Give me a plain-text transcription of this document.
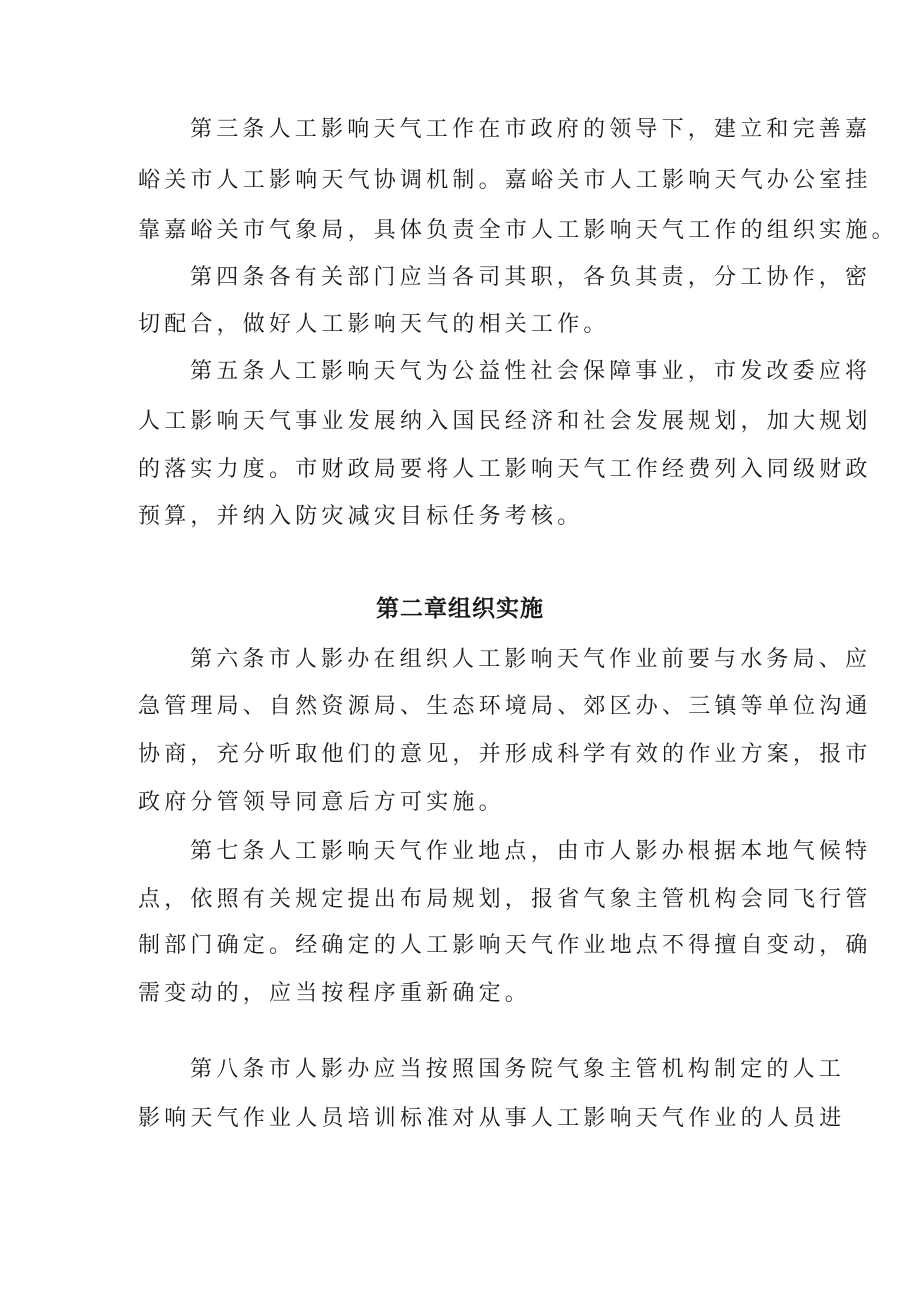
第三条人工影响天气工作在市政府的领导下，建立和完善嘉
峪关市人工影响天气协调机制。嘉峪关市人工影响天气办公室挂
靠嘉峪关市气象局，具体负责全市人工影响天气工作的组织实施。
第四条各有关部门应当各司其职，各负其责，分工协作，密
切配合，做好人工影响天气的相关工作。
第五条人工影响天气为公益性社会保障事业，市发改委应将
人工影响天气事业发展纳入国民经济和社会发展规划，加大规划
的落实力度。市财政局要将人工影响天气工作经费列入同级财政
预算，并纳入防灾减灾目标任务考核。
第二章组织实施
第六条市人影办在组织人工影响天气作业前要与水务局、应
急管理局、自然资源局、生态环境局、郊区办、三镇等单位沟通
协商，充分听取他们的意见，并形成科学有效的作业方案，报市
政府分管领导同意后方可实施。
第七条人工影响天气作业地点，由市人影办根据本地气候特
点，依照有关规定提出布局规划，报省气象主管机构会同飞行管
制部门确定。经确定的人工影响天气作业地点不得擅自变动，确
需变动的，应当按程序重新确定。
第八条市人影办应当按照国务院气象主管机构制定的人工
影响天气作业人员培训标准对从事人工影响天气作业的人员进
